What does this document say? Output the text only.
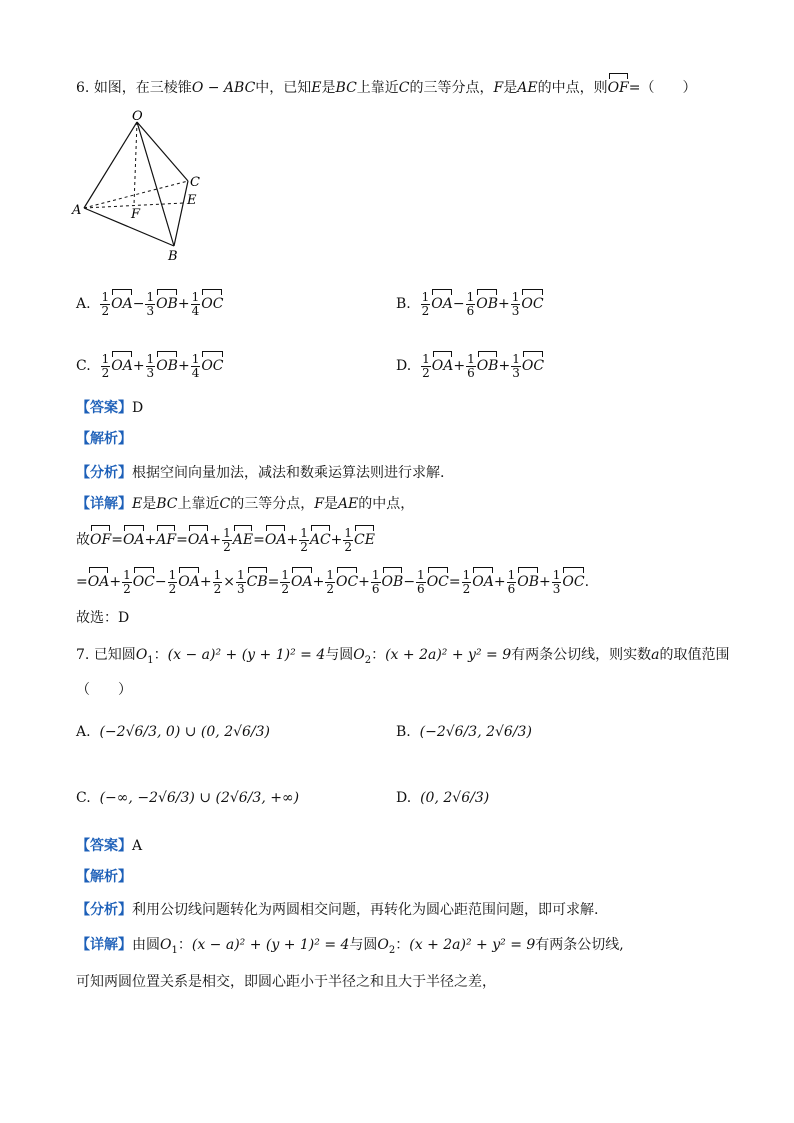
6. 如图，在三棱锥O − ABC中，已知E是BC上靠近C的三等分点，F是AE的中点，则OF=（　　）
O
A
B
C
E
F
A. $\frac{1}{2} OA- \frac{1}{3} OB+ \frac{1}{4}$ OC	B. $\frac{1}{2} OA- \frac{1}{6} OB+ \frac{1}{3}$ OC
C. $\frac{1}{2} OA+ \frac{1}{3} OB+ \frac{1}{4}$ OC	D. $\frac{1}{2} OA+ \frac{1}{6} OB+ \frac{1}{3}$ OC
【答案】D
【解析】
【分析】根据空间向量加法，减法和数乘运算法则进行求解.
【详解】E是BC上靠近C的三等分点，F是AE的中点，
故$OF=OA+AF=OA+ \frac{1}{2} AE=OA+ \frac{1}{2} AC+ \frac{1}{2}$ CE
$=OA+ \frac{1}{2} OC- \frac{1}{2} OA+ \frac{1}{2} \times \frac{1}{3} CB= \frac{1}{2} OA+ \frac{1}{2} OC+ \frac{1}{6} OB- \frac{1}{6} OC= \frac{1}{2} OA+ \frac{1}{6} OB+ \frac{1}{3}$ OC.
故选：D
7. 已知圆$O_1$：(x − a)² + (y + 1)² = 4与圆$O_2$：(x + 2a)² + y² = 9有两条公切线，则实数a的取值范围
（　　）
A. (−2√6/3, 0) ∪ (0, 2√6/3)	B. (−2√6/3, 2√6/3)
C. (−∞, −2√6/3) ∪ (2√6/3, +∞)	D. (0, 2√6/3)
【答案】A
【解析】
【分析】利用公切线问题转化为两圆相交问题，再转化为圆心距范围问题，即可求解.
【详解】由圆$O_1$：(x − a)² + (y + 1)² = 4与圆$O_2$：(x + 2a)² + y² = 9有两条公切线,
可知两圆位置关系是相交，即圆心距小于半径之和且大于半径之差，
